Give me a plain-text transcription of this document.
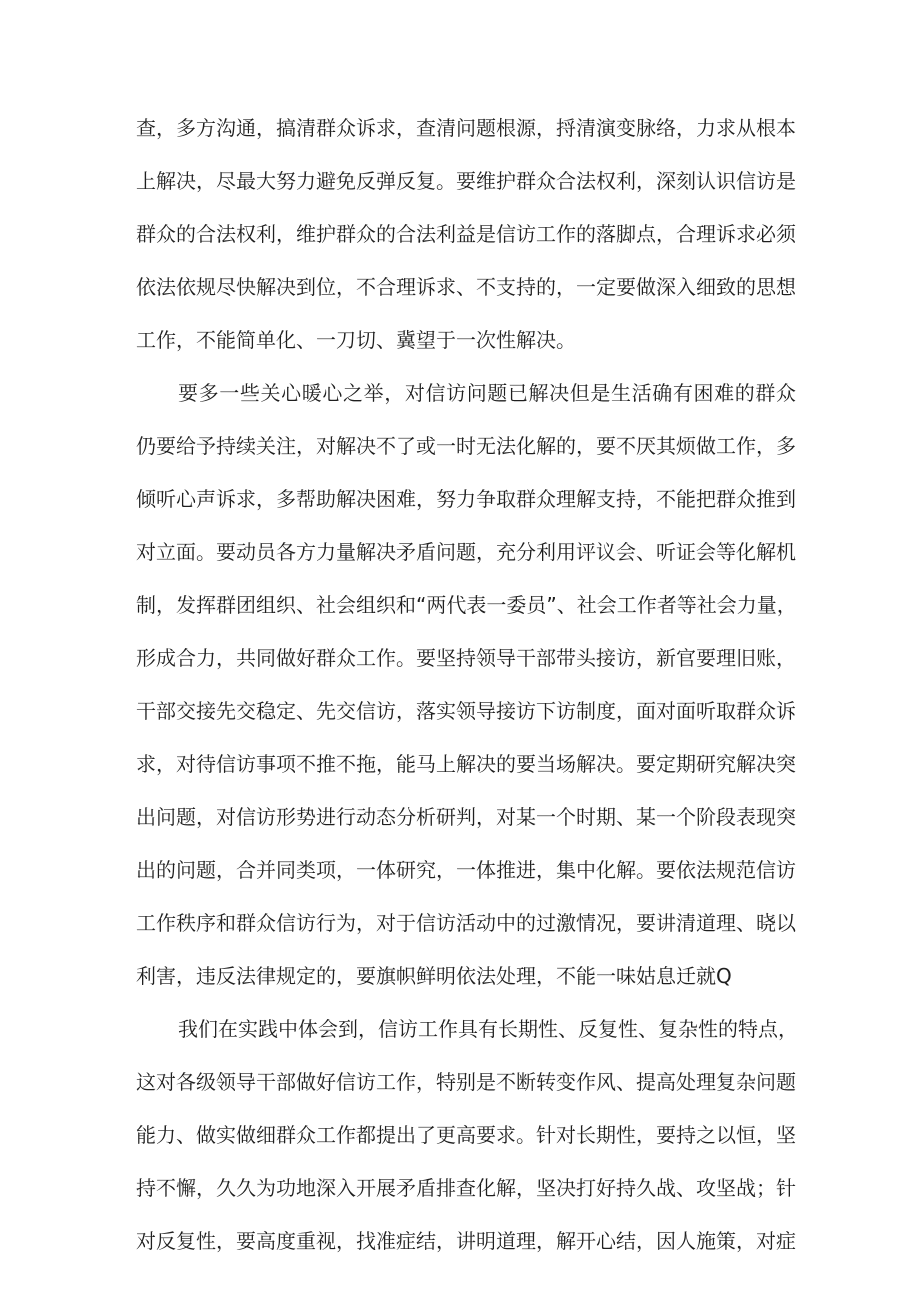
查，多方沟通，搞清群众诉求，查清问题根源，捋清演变脉络，力求从根本
上解决，尽最大努力避免反弹反复。要维护群众合法权利，深刻认识信访是
群众的合法权利，维护群众的合法利益是信访工作的落脚点，合理诉求必须
依法依规尽快解决到位，不合理诉求、不支持的，一定要做深入细致的思想
工作，不能简单化、一刀切、冀望于一次性解决。
要多一些关心暖心之举，对信访问题已解决但是生活确有困难的群众
仍要给予持续关注，对解决不了或一时无法化解的，要不厌其烦做工作，多
倾听心声诉求，多帮助解决困难，努力争取群众理解支持，不能把群众推到
对立面。要动员各方力量解决矛盾问题，充分利用评议会、听证会等化解机
制，发挥群团组织、社会组织和“两代表一委员”、社会工作者等社会力量，
形成合力，共同做好群众工作。要坚持领导干部带头接访，新官要理旧账，
干部交接先交稳定、先交信访，落实领导接访下访制度，面对面听取群众诉
求，对待信访事项不推不拖，能马上解决的要当场解决。要定期研究解决突
出问题，对信访形势进行动态分析研判，对某一个时期、某一个阶段表现突
出的问题，合并同类项，一体研究，一体推进，集中化解。要依法规范信访
工作秩序和群众信访行为，对于信访活动中的过激情况，要讲清道理、晓以
利害，违反法律规定的，要旗帜鲜明依法处理，不能一味姑息迁就Q
我们在实践中体会到，信访工作具有长期性、反复性、复杂性的特点，
这对各级领导干部做好信访工作，特别是不断转变作风、提高处理复杂问题
能力、做实做细群众工作都提出了更高要求。针对长期性，要持之以恒，坚
持不懈，久久为功地深入开展矛盾排查化解，坚决打好持久战、攻坚战；针
对反复性，要高度重视，找准症结，讲明道理，解开心结，因人施策，对症
